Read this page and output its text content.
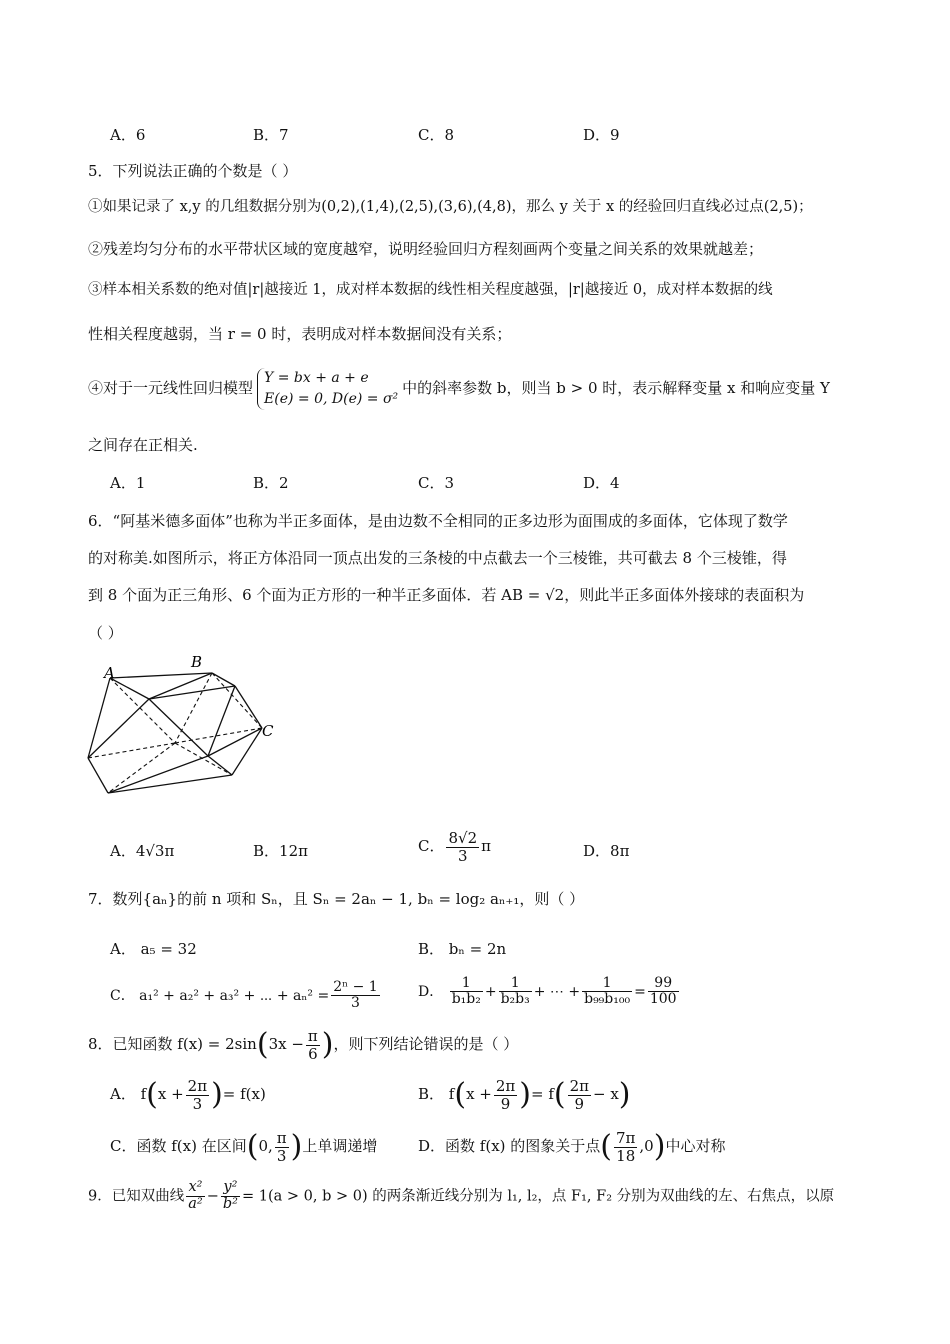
A．6	B．7	C．8	D．9
5．下列说法正确的个数是（ ）
①如果记录了 x,y 的几组数据分别为(0,2),(1,4),(2,5),(3,6),(4,8)，那么 y 关于 x 的经验回归直线必过点(2,5)；
②残差均匀分布的水平带状区域的宽度越窄，说明经验回归方程刻画两个变量之间关系的效果就越差；
③样本相关系数的绝对值|r|越接近 1，成对样本数据的线性相关程度越强，|r|越接近 0，成对样本数据的线
性相关程度越弱，当 r = 0 时，表明成对样本数据间没有关系；
④对于一元线性回归模型
Y = bx + a + e
E(e) = 0, D(e) = σ²
中的斜率参数 b，则当 b > 0 时，表示解释变量 x 和响应变量 Y
之间存在正相关.
A．1	B．2	C．3	D．4
6．“阿基米德多面体”也称为半正多面体，是由边数不全相同的正多边形为面围成的多面体，它体现了数学
的对称美.如图所示，将正方体沿同一顶点出发的三条棱的中点截去一个三棱锥，共可截去 8 个三棱锥，得
到 8 个面为正三角形、6 个面为正方形的一种半正多面体．若 AB = √2，则此半正多面体外接球的表面积为
（ ）
A
B
C
A．4√3π	B．12π	C． $\frac{8√2}{3}$ π	D．8π
7．数列{aₙ}的前 n 项和 Sₙ，且 Sₙ = 2aₙ − 1, bₙ = log₂ aₙ₊₁，则（ ）
A． a₅ = 32	B． bₙ = 2n
C． a₁² + a₂² + a₃² + ⋯ + $a_n^2 = \frac{\text{2ⁿ − 1}}{3}$	D． $\frac{1}{\text{b₁b₂}} + \frac{1}{\text{b₂b₃}}$ + ⋯ + $\frac{1}{\text{b₉₉b₁₀₀}} = \frac{99}{100}$
8．已知函数 $f(x) = 2\sin(3x - \frac{\pi}{6}$ )，则下列结论错误的是（ ）
A． $f(x + \frac{2\pi}{3}$ )= f(x)	B． $f(x + \frac{2\pi}{9}$ )= $f( \frac{2\pi}{9} - x)$
C．函数 f(x) 在区间(0, $\frac{\pi}{3}$ )上单调递增	D．函数 f(x) 的图象关于点( $\frac{7\pi}{18} ,0$)中心对称
9．已知双曲线 $\frac{\text{x²}}{\text{a²}} - \frac{\text{y²}}{\text{b²}} = 1(a > 0$, b > 0) 的两条渐近线分别为 l₁, l₂，点 F₁, F₂ 分别为双曲线的左、右焦点，以原
